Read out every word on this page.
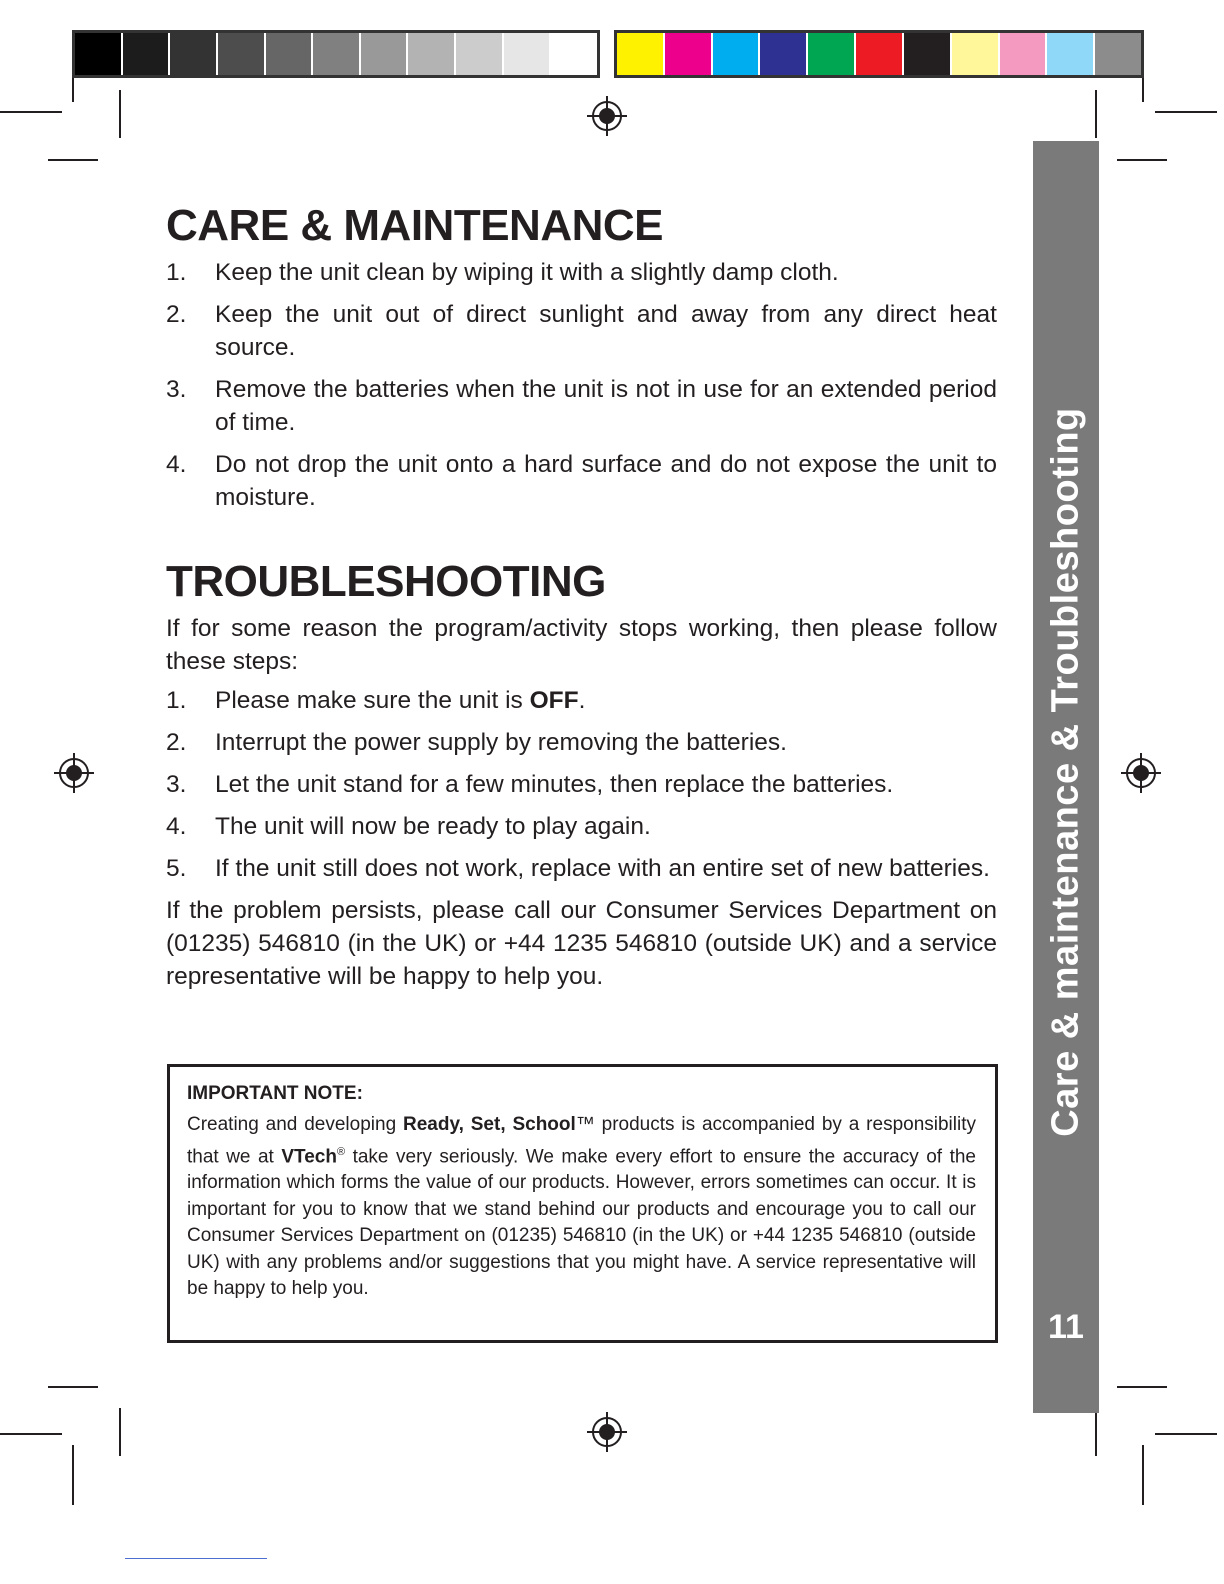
Care & maintenance & Troubleshooting
11
CARE & MAINTENANCE
1. Keep the unit clean by wiping it with a slightly damp cloth.
2. Keep the unit out of direct sunlight and away from any direct heat source.
3. Remove the batteries when the unit is not in use for an extended period of time.
4. Do not drop the unit onto a hard surface and do not expose the unit to moisture.
TROUBLESHOOTING

If for some reason the program/activity stops working, then please follow these steps:

1. Please make sure the unit is OFF.
2. Interrupt the power supply by removing the batteries.
3. Let the unit stand for a few minutes, then replace the batteries.
4. The unit will now be ready to play again.
5. If the unit still does not work, replace with an entire set of new batteries.

If the problem persists, please call our Consumer Services Department on (01235) 546810 (in the UK) or +44 1235 546810 (outside UK) and a service representative will be happy to help you.

IMPORTANT NOTE:

Creating and developing Ready, Set, School™ products is accompanied by a responsibility that we at VTech® take very seriously. We make every effort to ensure the accuracy of the information which forms the value of our products. However, errors sometimes can occur. It is important for you to know that we stand behind our products and encourage you to call our Consumer Services Department on (01235) 546810 (in the UK) or +44 1235 546810 (outside UK) with any problems and/or suggestions that you might have. A service representative will be happy to help you.
